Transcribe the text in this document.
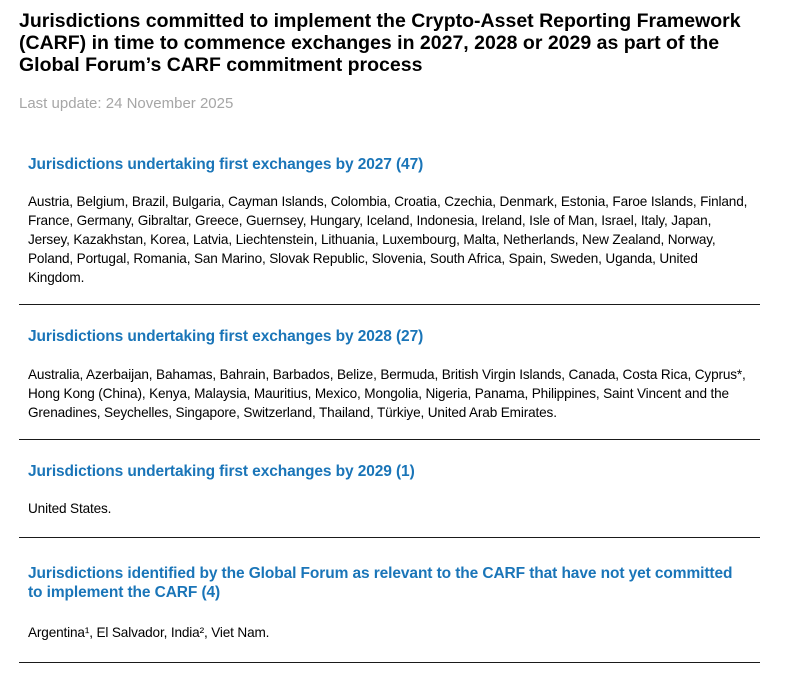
Jurisdictions committed to implement the Crypto-Asset Reporting Framework (CARF) in time to commence exchanges in 2027, 2028 or 2029 as part of the Global Forum’s CARF commitment process

Last update: 24 November 2025

Jurisdictions undertaking first exchanges by 2027 (47)

Austria, Belgium, Brazil, Bulgaria, Cayman Islands, Colombia, Croatia, Czechia, Denmark, Estonia, Faroe Islands, Finland, France, Germany, Gibraltar, Greece, Guernsey, Hungary, Iceland, Indonesia, Ireland, Isle of Man, Israel, Italy, Japan, Jersey, Kazakhstan, Korea, Latvia, Liechtenstein, Lithuania, Luxembourg, Malta, Netherlands, New Zealand, Norway, Poland, Portugal, Romania, San Marino, Slovak Republic, Slovenia, South Africa, Spain, Sweden, Uganda, United Kingdom.

Jurisdictions undertaking first exchanges by 2028 (27)

Australia, Azerbaijan, Bahamas, Bahrain, Barbados, Belize, Bermuda, British Virgin Islands, Canada, Costa Rica, Cyprus*, Hong Kong (China), Kenya, Malaysia, Mauritius, Mexico, Mongolia, Nigeria, Panama, Philippines, Saint Vincent and the Grenadines, Seychelles, Singapore, Switzerland, Thailand, Türkiye, United Arab Emirates.

Jurisdictions undertaking first exchanges by 2029 (1)

United States.

Jurisdictions identified by the Global Forum as relevant to the CARF that have not yet committed to implement the CARF (4)

Argentina¹, El Salvador, India², Viet Nam.
